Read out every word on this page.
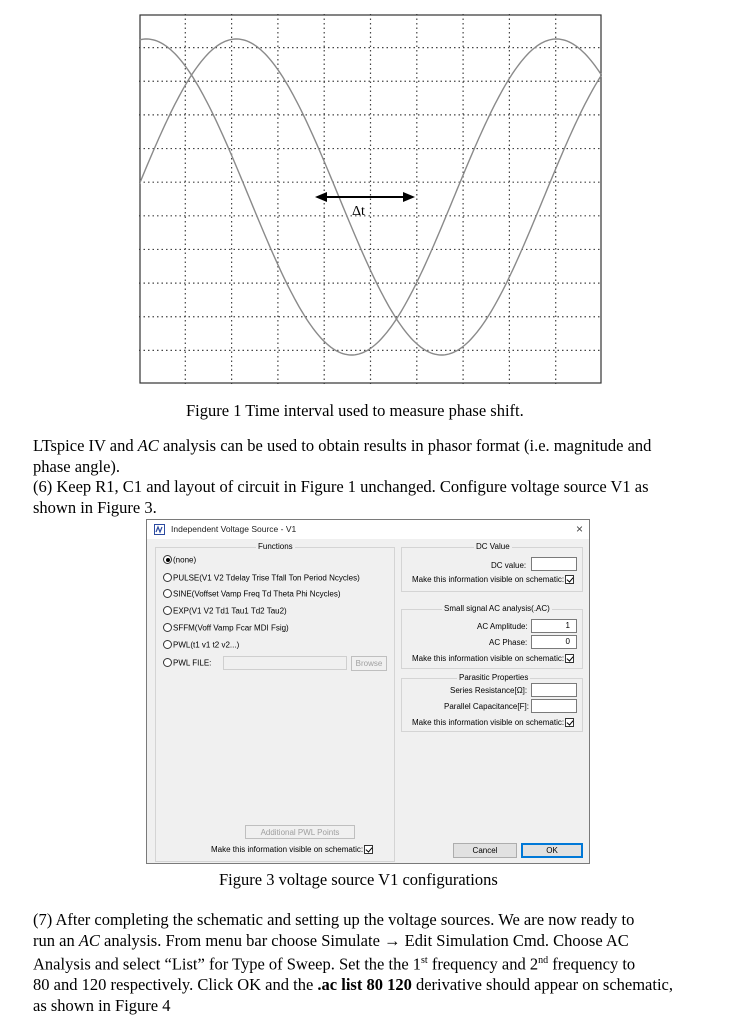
Δt
Figure 1 Time interval used to measure phase shift.
LTspice IV and AC analysis can be used to obtain results in phasor format (i.e. magnitude and
phase angle).
(6) Keep R1, C1 and layout of circuit in Figure 1 unchanged. Configure voltage source V1 as
shown in Figure 3.
Independent Voltage Source - V1	×
Functions
(none)
PULSE(V1 V2 Tdelay Trise Tfall Ton Period Ncycles)
SINE(Voffset Vamp Freq Td Theta Phi Ncycles)
EXP(V1 V2 Td1 Tau1 Td2 Tau2)
SFFM(Voff Vamp Fcar MDI Fsig)
PWL(t1 v1 t2 v2...)
PWL FILE:	Browse
Additional PWL Points
Make this information visible on schematic:
DC Value
DC value:
Make this information visible on schematic:
Small signal AC analysis(.AC)
AC Amplitude:	1
AC Phase:	0
Make this information visible on schematic:
Parasitic Properties
Series Resistance[Ω]:
Parallel Capacitance[F]:
Make this information visible on schematic:
Cancel	OK
Figure 3 voltage source V1 configurations
(7) After completing the schematic and setting up the voltage sources. We are now ready to
run an AC analysis. From menu bar choose Simulate → Edit Simulation Cmd. Choose AC
Analysis and select “List” for Type of Sweep. Set the the 1st frequency and 2nd frequency to
80 and 120 respectively. Click OK and the .ac list 80 120 derivative should appear on schematic,
as shown in Figure 4
